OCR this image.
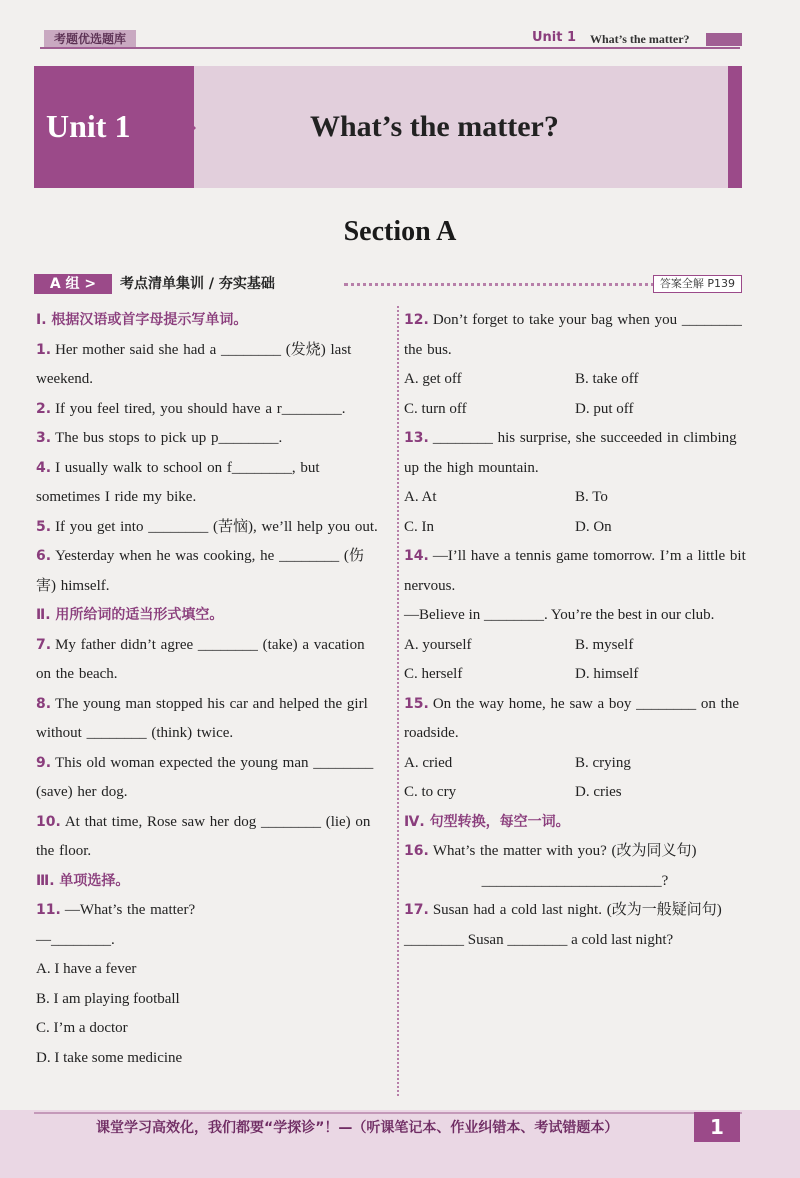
考题优选题库	Unit 1 What’s the matter?
Unit 1	What’s the matter?
Section A
A 组 >	考点清单集训 / 夯实基础	答案全解 P139

Ⅰ. 根据汉语或首字母提示写单词。

1. Her mother said she had a ________ (发烧) last weekend.

2. If you feel tired, you should have a r________.

3. The bus stops to pick up p________.

4. I usually walk to school on f________, but sometimes I ride my bike.

5. If you get into ________ (苦恼), we’ll help you out.

6. Yesterday when he was cooking, he ________ (伤害) himself.

Ⅱ. 用所给词的适当形式填空。

7. My father didn’t agree ________ (take) a vacation on the beach.

8. The young man stopped his car and helped the girl without ________ (think) twice.

9. This old woman expected the young man ________ (save) her dog.

10. At that time, Rose saw her dog ________ (lie) on the floor.

Ⅲ. 单项选择。

11. —What’s the matter?

—________.

A. I have a fever
B. I am playing football
C. I’m a doctor
D. I take some medicine

12. Don’t forget to take your bag when you ________ the bus.

A. get off	B. take off
C. turn off	D. put off

13. ________ his surprise, she succeeded in climbing up the high mountain.

A. At	B. To
C. In	D. On

14. —I’ll have a tennis game tomorrow. I’m a little bit nervous.

—Believe in ________. You’re the best in our club.

A. yourself	B. myself
C. herself	D. himself

15. On the way home, he saw a boy ________ on the roadside.

A. cried	B. crying
C. to cry	D. cries

Ⅳ. 句型转换，每空一词。

16. What’s the matter with you? (改为同义句)

________________________?

17. Susan had a cold last night. (改为一般疑问句)

________ Susan ________ a cold last night?

课堂学习高效化，我们都要“学探诊”！—（听课笔记本、作业纠错本、考试错题本）	1
